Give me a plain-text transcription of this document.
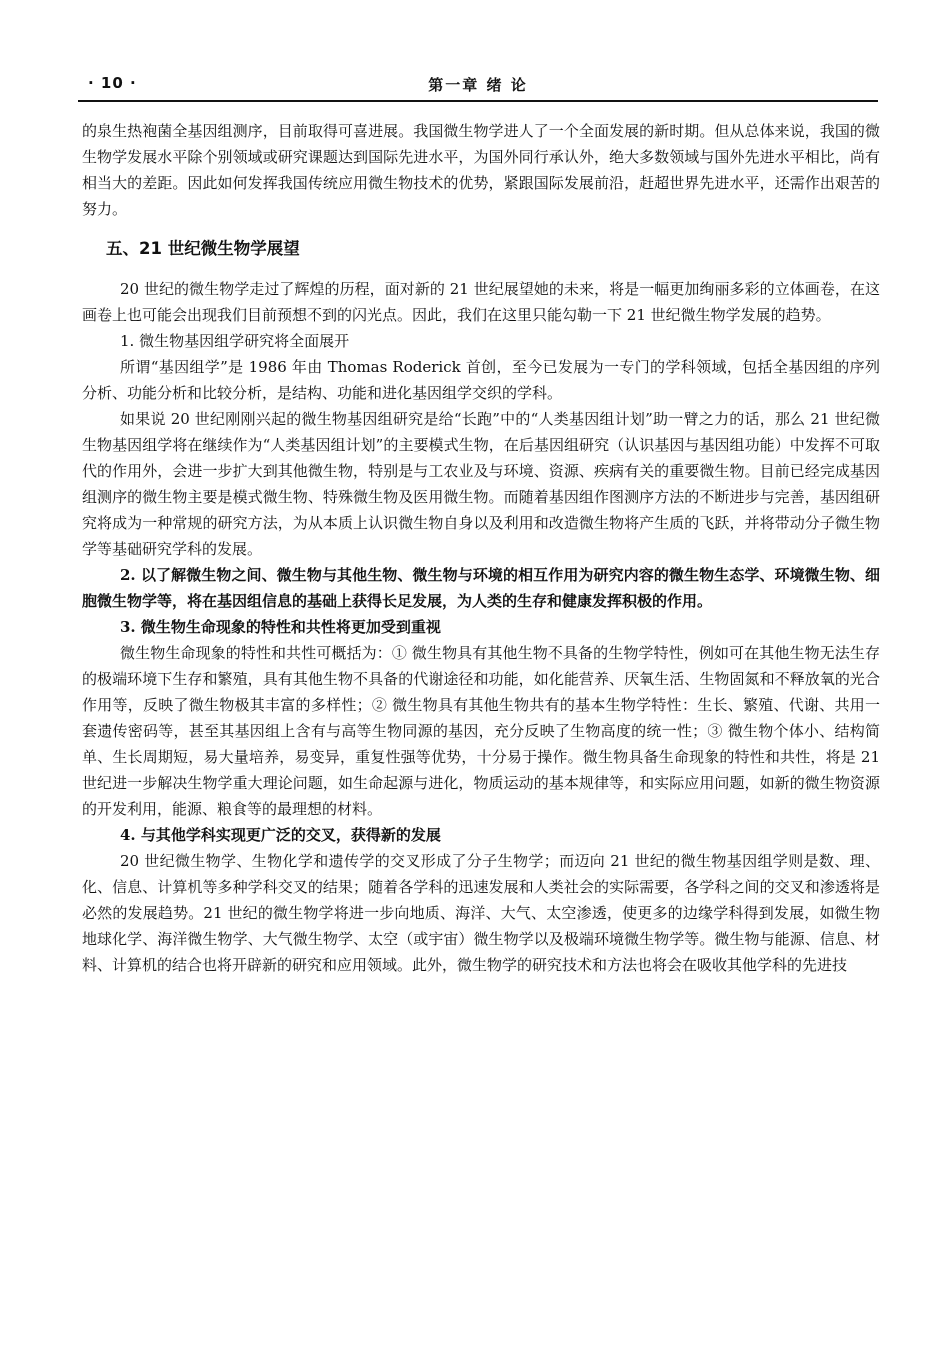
· 10 ·	第一章 绪 论

的泉生热袍菌全基因组测序，目前取得可喜进展。我国微生物学进人了一个全面发展的新时期。但从总体来说，我国的微生物学发展水平除个别领域或研究课题达到国际先进水平，为国外同行承认外，绝大多数领域与国外先进水平相比，尚有相当大的差距。因此如何发挥我国传统应用微生物技术的优势，紧跟国际发展前沿，赶超世界先进水平，还需作出艰苦的努力。

五、21 世纪微生物学展望

20 世纪的微生物学走过了辉煌的历程，面对新的 21 世纪展望她的未来，将是一幅更加绚丽多彩的立体画卷，在这画卷上也可能会出现我们目前预想不到的闪光点。因此，我们在这里只能勾勒一下 21 世纪微生物学发展的趋势。

1. 微生物基因组学研究将全面展开

所谓“基因组学”是 1986 年由 Thomas Roderick 首创，至今已发展为一专门的学科领域，包括全基因组的序列分析、功能分析和比较分析，是结构、功能和进化基因组学交织的学科。

如果说 20 世纪刚刚兴起的微生物基因组研究是给“长跑”中的“人类基因组计划”助一臂之力的话，那么 21 世纪微生物基因组学将在继续作为“人类基因组计划”的主要模式生物，在后基因组研究（认识基因与基因组功能）中发挥不可取代的作用外，会进一步扩大到其他微生物，特别是与工农业及与环境、资源、疾病有关的重要微生物。目前已经完成基因组测序的微生物主要是模式微生物、特殊微生物及医用微生物。而随着基因组作图测序方法的不断进步与完善，基因组研究将成为一种常规的研究方法，为从本质上认识微生物自身以及利用和改造微生物将产生质的飞跃，并将带动分子微生物学等基础研究学科的发展。

2. 以了解微生物之间、微生物与其他生物、微生物与环境的相互作用为研究内容的微生物生态学、环境微生物、细胞微生物学等，将在基因组信息的基础上获得长足发展，为人类的生存和健康发挥积极的作用。

3. 微生物生命现象的特性和共性将更加受到重视

微生物生命现象的特性和共性可概括为：① 微生物具有其他生物不具备的生物学特性，例如可在其他生物无法生存的极端环境下生存和繁殖，具有其他生物不具备的代谢途径和功能，如化能营养、厌氧生活、生物固氮和不释放氧的光合作用等，反映了微生物极其丰富的多样性；② 微生物具有其他生物共有的基本生物学特性：生长、繁殖、代谢、共用一套遗传密码等，甚至其基因组上含有与高等生物同源的基因，充分反映了生物高度的统一性；③ 微生物个体小、结构简单、生长周期短，易大量培养，易变异，重复性强等优势，十分易于操作。微生物具备生命现象的特性和共性，将是 21 世纪进一步解决生物学重大理论问题，如生命起源与进化，物质运动的基本规律等，和实际应用问题，如新的微生物资源的开发利用，能源、粮食等的最理想的材料。

4. 与其他学科实现更广泛的交叉，获得新的发展

20 世纪微生物学、生物化学和遗传学的交叉形成了分子生物学；而迈向 21 世纪的微生物基因组学则是数、理、化、信息、计算机等多种学科交叉的结果；随着各学科的迅速发展和人类社会的实际需要，各学科之间的交叉和渗透将是必然的发展趋势。21 世纪的微生物学将进一步向地质、海洋、大气、太空渗透，使更多的边缘学科得到发展，如微生物地球化学、海洋微生物学、大气微生物学、太空（或宇宙）微生物学以及极端环境微生物学等。微生物与能源、信息、材料、计算机的结合也将开辟新的研究和应用领域。此外，微生物学的研究技术和方法也将会在吸收其他学科的先进技
